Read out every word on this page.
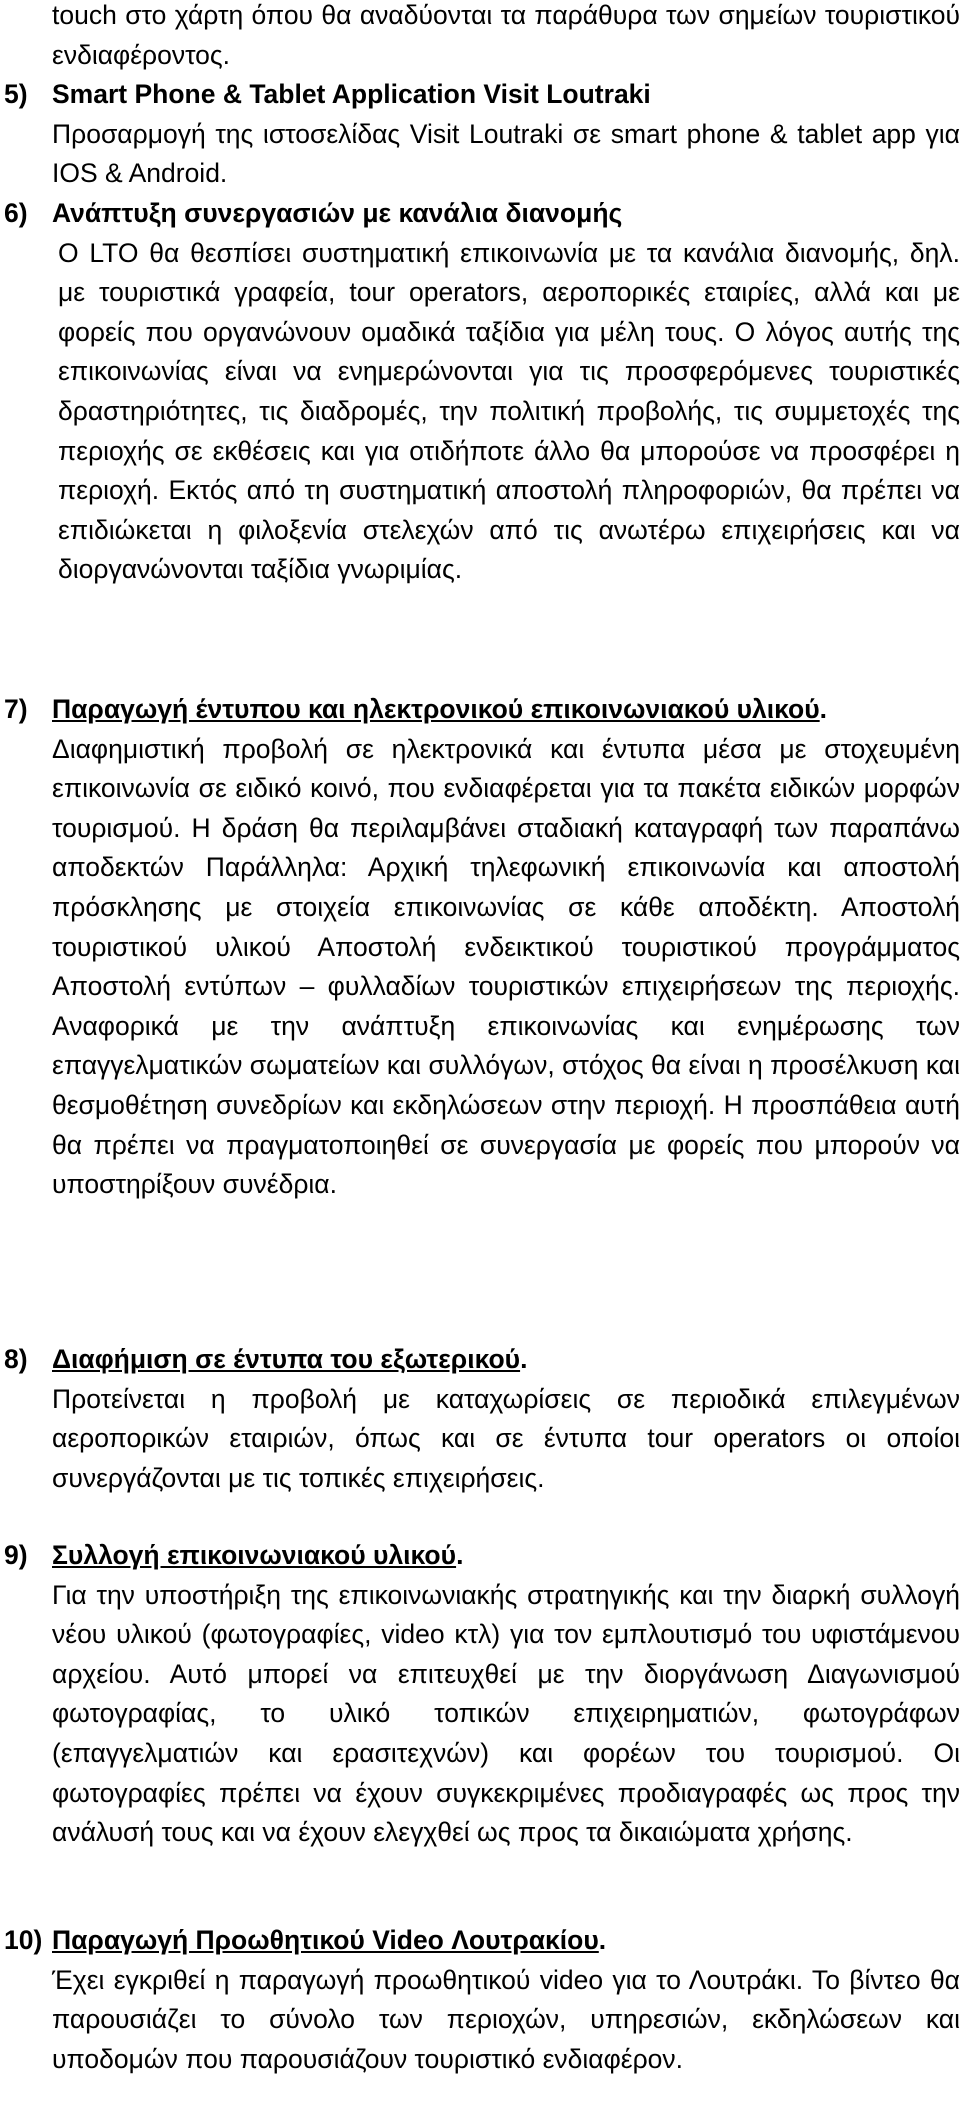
touch στο χάρτη όπου θα αναδύονται τα παράθυρα των σημείων τουριστικού ενδιαφέροντος.
5) Smart Phone & Tablet Application Visit Loutraki
Προσαρμογή της ιστοσελίδας Visit Loutraki σε smart phone & tablet app για IOS & Android.
6) Ανάπτυξη συνεργασιών με κανάλια διανομής
Ο LTO θα θεσπίσει συστηματική επικοινωνία με τα κανάλια διανομής, δηλ. με τουριστικά γραφεία, tour operators, αεροπορικές εταιρίες, αλλά και με φορείς που οργανώνουν ομαδικά ταξίδια για μέλη τους. Ο λόγος αυτής της επικοινωνίας είναι να ενημερώνονται για τις προσφερόμενες τουριστικές δραστηριότητες, τις διαδρομές, την πολιτική προβολής, τις συμμετοχές της περιοχής σε εκθέσεις και για οτιδήποτε άλλο θα μπορούσε να προσφέρει η περιοχή. Εκτός από τη συστηματική αποστολή πληροφοριών, θα πρέπει να επιδιώκεται η φιλοξενία στελεχών από τις ανωτέρω επιχειρήσεις και να διοργανώνονται ταξίδια γνωριμίας.
7) Παραγωγή έντυπου και ηλεκτρονικού επικοινωνιακού υλικού.
Διαφημιστική προβολή σε ηλεκτρονικά και έντυπα μέσα με στοχευμένη επικοινωνία σε ειδικό κοινό, που ενδιαφέρεται για τα πακέτα ειδικών μορφών τουρισμού. Η δράση θα περιλαμβάνει σταδιακή καταγραφή των παραπάνω αποδεκτών Παράλληλα: Αρχική τηλεφωνική επικοινωνία και αποστολή πρόσκλησης με στοιχεία επικοινωνίας σε κάθε αποδέκτη. Αποστολή τουριστικού υλικού Αποστολή ενδεικτικού τουριστικού προγράμματος Αποστολή εντύπων – φυλλαδίων τουριστικών επιχειρήσεων της περιοχής. Αναφορικά με την ανάπτυξη επικοινωνίας και ενημέρωσης των επαγγελματικών σωματείων και συλλόγων, στόχος θα είναι η προσέλκυση και θεσμοθέτηση συνεδρίων και εκδηλώσεων στην περιοχή. Η προσπάθεια αυτή θα πρέπει να πραγματοποιηθεί σε συνεργασία με φορείς που μπορούν να υποστηρίξουν συνέδρια.
8) Διαφήμιση σε έντυπα του εξωτερικού.
Προτείνεται η προβολή με καταχωρίσεις σε περιοδικά επιλεγμένων αεροπορικών εταιριών, όπως και σε έντυπα tour operators οι οποίοι συνεργάζονται με τις τοπικές επιχειρήσεις.
9) Συλλογή επικοινωνιακού υλικού.
Για την υποστήριξη της επικοινωνιακής στρατηγικής και την διαρκή συλλογή νέου υλικού (φωτογραφίες, video κτλ) για τον εμπλουτισμό του υφιστάμενου αρχείου. Αυτό μπορεί να επιτευχθεί με την διοργάνωση Διαγωνισμού φωτογραφίας, το υλικό τοπικών επιχειρηματιών, φωτογράφων (επαγγελματιών και ερασιτεχνών) και φορέων του τουρισμού. Οι φωτογραφίες πρέπει να έχουν συγκεκριμένες προδιαγραφές ως προς την ανάλυσή τους και να έχουν ελεγχθεί ως προς τα δικαιώματα χρήσης.
10) Παραγωγή Προωθητικού Video Λουτρακίου.
Έχει εγκριθεί η παραγωγή προωθητικού video για το Λουτράκι. Το βίντεο θα παρουσιάζει το σύνολο των περιοχών, υπηρεσιών, εκδηλώσεων και υποδομών που παρουσιάζουν τουριστικό ενδιαφέρον.
